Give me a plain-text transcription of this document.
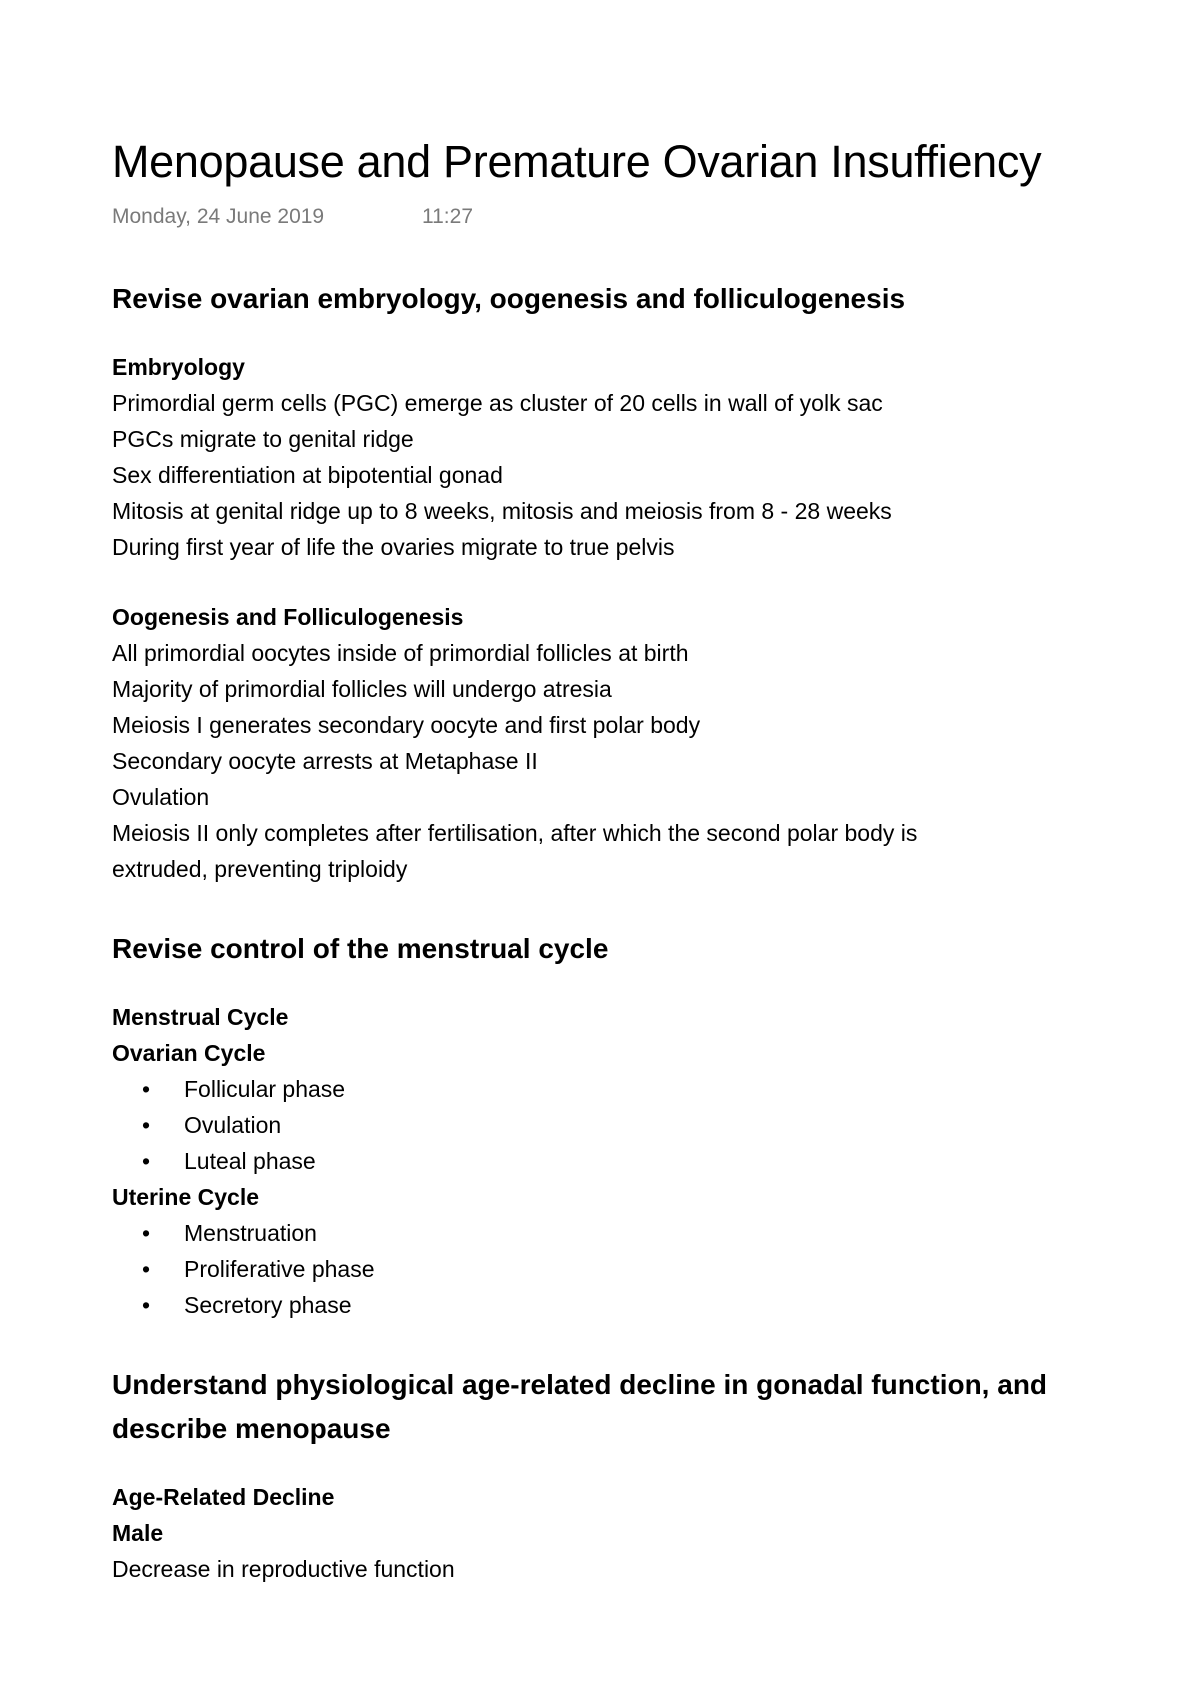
Menopause and Premature Ovarian Insuffiency
Monday, 24 June 2019	11:27
Revise ovarian embryology, oogenesis and folliculogenesis
Embryology

Primordial germ cells (PGC) emerge as cluster of 20 cells in wall of yolk sac

PGCs migrate to genital ridge

Sex differentiation at bipotential gonad

Mitosis at genital ridge up to 8 weeks, mitosis and meiosis from 8 - 28 weeks

During first year of life the ovaries migrate to true pelvis

Oogenesis and Folliculogenesis

All primordial oocytes inside of primordial follicles at birth

Majority of primordial follicles will undergo atresia

Meiosis I generates secondary oocyte and first polar body

Secondary oocyte arrests at Metaphase II

Ovulation

Meiosis II only completes after fertilisation, after which the second polar body is extruded, preventing triploidy

Revise control of the menstrual cycle
Menstrual Cycle
Ovarian Cycle
• Follicular phase
• Ovulation
• Luteal phase
Uterine Cycle
• Menstruation
• Proliferative phase
• Secretory phase
Understand physiological age-related decline in gonadal function, and describe menopause
Age-Related Decline
Male

Decrease in reproductive function
